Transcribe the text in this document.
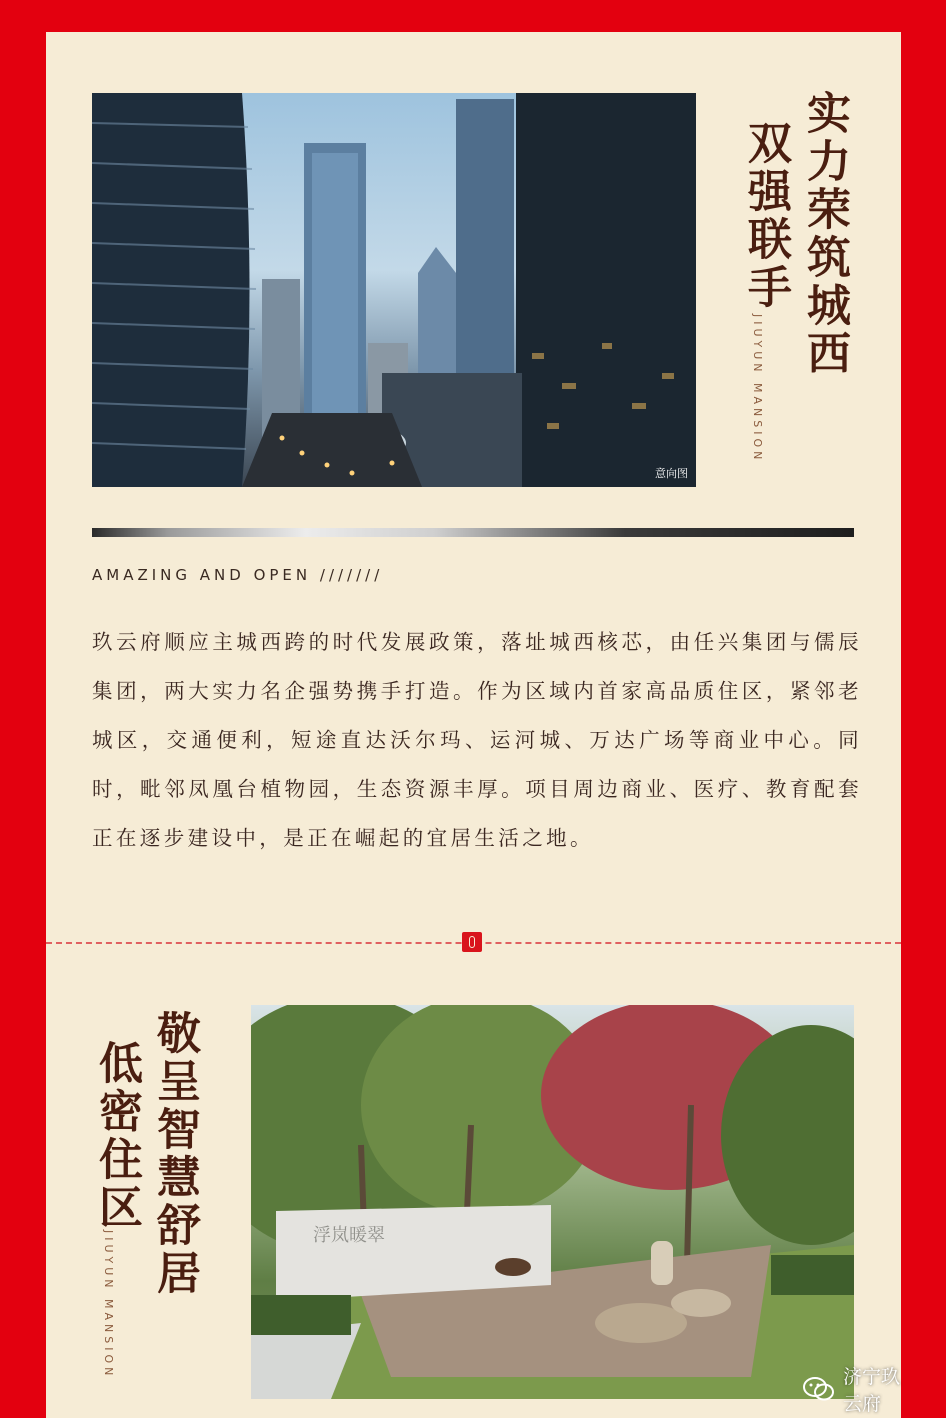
意向图
实力荣筑城西
双强联手
JIUYUN MANSION
AMAZING AND OPEN ///////

玖云府顺应主城西跨的时代发展政策，落址城西核芯，由任兴集团与儒辰集团，两大实力名企强势携手打造。作为区域内首家高品质住区，紧邻老城区，交通便利，短途直达沃尔玛、运河城、万达广场等商业中心。同时，毗邻凤凰台植物园，生态资源丰厚。项目周边商业、医疗、教育配套正在逐步建设中，是正在崛起的宜居生活之地。

敬呈智慧舒居
低密住区
JIUYUN MANSION	浮岚暖翠
济宁玖云府
